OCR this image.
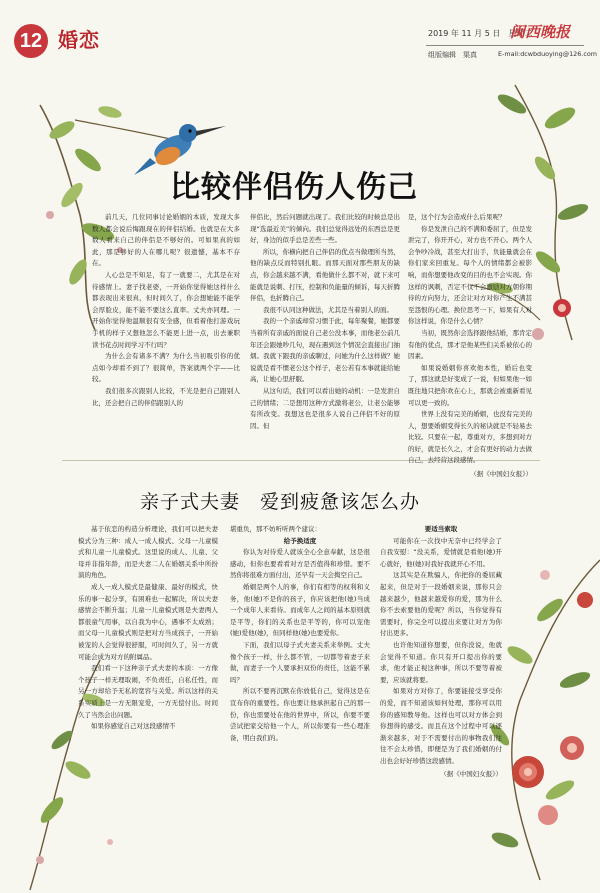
12 婚恋	2019 年 11 月 5 日　星期二
闽西晚报
组版编辑　渠真	E-mail:dcwbduoying@126.com
比较伴侣伤人伤己

前几天，几位同事讨论婚姻的本质，发现大多数人都会说后悔跟现在的伴侣结婚。也就是在大多数人看来自己的伴侣是不够好的。可如果真的如此，那是够好的人在哪儿呢？很遗憾，基本不存在。

人心总是不知足，有了一就要二，尤其是在对待感情上。妻子找老婆，一开始你觉得她这样什么都表现出来很真，但时间久了，你会想她能不能学会厚脸皮，能不能不要这么直率。丈夫亦同理。一开始你觉得他温顺很有安全感，但看着他打游戏玩手机的样子又想他怎么不能更上进一点，出去兼职读书花点时间学习不行吗？

为什么会有诸多不满？为什么当初吸引你的优点如今却看不到了？很简单，答案就两个字——比较。

我们很多次跟别人比较，不光是把自己跟别人比，还会把自己的伴侣跟别人的

伴侣比，然后问题就出现了。我们比较的时候总是出现“选最近美”的倾向。我们总觉得远处的东西总是更好，身边的似乎总是差些一些。

所以，你横向把自己伴侣的优点当做理所当然，他的缺点反而特别扎眼。而那天面对那些朋友的缺点，你会越来越不满，看他做什么都不对，就下来可能就是说刺、打压，控制和负能量的倾诉，每天折腾伴侣，也折腾自己。

我很不认同这种做法，尤其是当着别人的面。

我的一个亲戚却常习惯于此，每年聚餐，她都要当着所有亲戚的面说自己老公没本事，而他老公前几年还会跟她吵几句，现在遇到这个情况会直接出门抽烟。我就下跟我的亲戚聊过，问她为什么这样做？她说就是看不惯老公这个样子，老公若有本事就能给她高，让她心里舒服。

从这句话，我们可以看出她的动机：一是发泄自己的情绪；二是想用这种方式激将老公，让老公能够有所改变。我想这也是很多人说自己伴侣不好的原因。但

是，这个行为会造成什么后果呢？

你是发泄自己的不满和委屈了，但是发泄完了，你开开心，对方也不开心。两个人会争吵冷战，甚至大打出手，负能量就会在你们家来回重复。每个人的情绪都会被影响，而你想要他改变的目的也不会实现。你这样的讽刺，否定不仅不会激励对方朝你期待的方向努力，还会让对方对你产生不满甚至怨恨的心理。换位思考一下，如果有人对你这样说，你是什么心情？

当初，既然你会选择跟他结婚，那肯定有他的优点，那才是他某些们关系被依心的因素。

如果说婚姻你喜欢他本性，婚后也变了，那这就是好变成了一说，但如果他一如既往地只把你欢在心上，那就会被重新看见可以更一致的。

世界上没有完美的婚姻，也没有完美的人，想要婚姻变得长久的秘诀就是不轻易去比较。只要在一起，尊重对方，多想到对方的好，就是长久之，才会有更好的动力去做自己，去经营这段感情。

（据《中国妇女报》）

亲子式夫妻　爱到疲惫该怎么办

基于依恋的构造分析理论，我们可以把夫妻模式分为三种：成人一成人模式、父母一儿童模式和儿童一儿童模式。这里说的成人、儿童、父母并非指年龄，而是夫妻二人在婚姻关系中所扮演的角色。

成人一成人模式是最健康、最好的模式，快乐的事一起分享，有困难也一起解决，所以夫妻感情会不断升温；儿童一儿童模式则是夫妻两人都很童气用事，以自我为中心，遇事不太成熟；而父母一儿童模式则是把对方当成孩子，一开始被宠的人会觉得很舒服，可时间久了，另一方就可能会成为对方的附属品。

我们看一下这种亲子式夫妻的本质：一方像个孩子一样无理取闹，不负责任，自私任性，而另一方却给予无私的宽容与关爱。所以这样的关系实质上是一方无限宠爱，一方无偿付出。时间久了当然会出问题。

如果你感觉自己对这段感情不

堪重负，那不妨听听两个建议：

给予换适度

你认为对待爱人就该全心全意奉献，这是很感动，但你也要看看对方是否值得和珍惜。要不然你将很难方面付出，还早有一天会掏空自己。

婚姻是两个人的事，你们有相等的权利和义务，他(她)不是你的孩子，你应该把他(她)当成一个成年人来看待。而成年人之间的基本原则就是平等，你们的关系也是平等的，你可以宠他(她)爱他(她)，但同样他(她)也要爱你。

下面，我们以母子式夫妻关系来举例。丈夫像个孩子一样，什么都不管，一切都等着妻子来做，而妻子一个人要承担双份的责任，这能不累吗？

所以不要再沉默在你放低自己，觉得这是在宣布你的重要性。你也要让他承担起自己的那一份，你也需要处在他的世界中，所以，你要不要尝试把家交给他一个人，所以你要有一些心理准备，明白我们的。

要适当索取

可能你在一次找中无奈中已经学会了自我安慰：“没关系，爱情就是看他(她)开心就好，他(她)对我好我就开心不用。

这其实是在欺骗人，你把你的委屈藏起来，但是对于一段婚姻来说，那你只会越来越少，他越来越爱你的爱，那为什么你不去索要他的爱呢？所以，当你觉得有需要时，你完全可以提出来要让对方为你付出更多。

也许他知道你想要，但你没说，他就会觉得不知道。你只有开口提出你的要求，他才能正视这种事，所以不要等着被要，应该就将要。

如果对方对你了，你要能接受享受你的爱，而不知道该如何处理，那你可以用你的感知教导他。这样也可以对方体会到你想得的感受。而且在这个过程中可以逐渐来越多，对于不需要付出的事物我们往往不会太珍惜，即便是为了我们婚姻的付出也会好好珍惜这段感情。

（据《中国妇女报》）
